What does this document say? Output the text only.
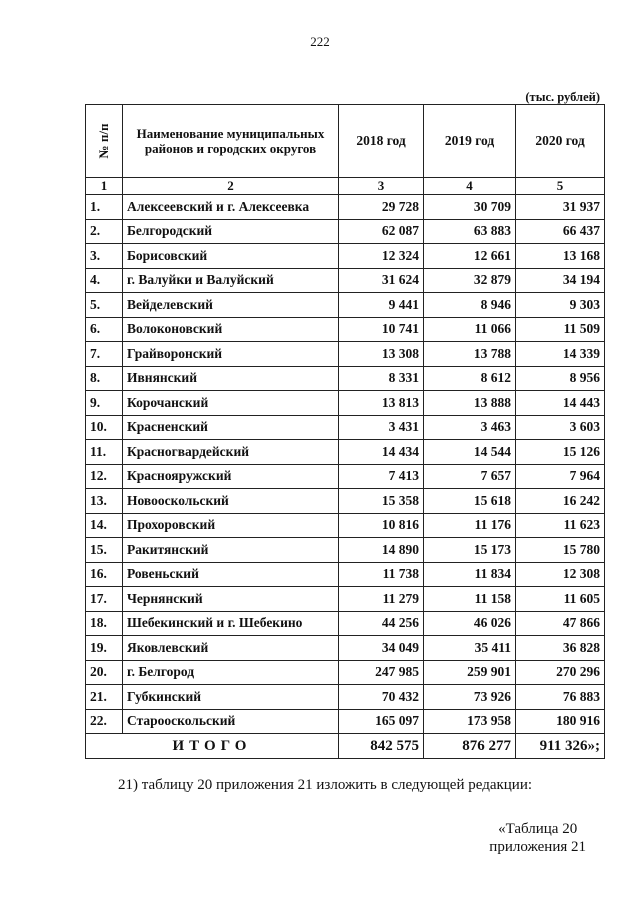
222
(тыс. рублей)
№ п/п	Наименование муниципальных районов и городских округов	2018 год	2019 год	2020 год
1	2	3	4	5
1.	Алексеевский и г. Алексеевка	29 728	30 709	31 937
2.	Белгородский	62 087	63 883	66 437
3.	Борисовский	12 324	12 661	13 168
4.	г. Валуйки и Валуйский	31 624	32 879	34 194
5.	Вейделевский	9 441	8 946	9 303
6.	Волоконовский	10 741	11 066	11 509
7.	Грайворонский	13 308	13 788	14 339
8.	Ивнянский	8 331	8 612	8 956
9.	Корочанский	13 813	13 888	14 443
10.	Красненский	3 431	3 463	3 603
11.	Красногвардейский	14 434	14 544	15 126
12.	Краснояружский	7 413	7 657	7 964
13.	Новооскольский	15 358	15 618	16 242
14.	Прохоровский	10 816	11 176	11 623
15.	Ракитянский	14 890	15 173	15 780
16.	Ровеньский	11 738	11 834	12 308
17.	Чернянский	11 279	11 158	11 605
18.	Шебекинский и г. Шебекино	44 256	46 026	47 866
19.	Яковлевский	34 049	35 411	36 828
20.	г. Белгород	247 985	259 901	270 296
21.	Губкинский	70 432	73 926	76 883
22.	Старооскольский	165 097	173 958	180 916
ИТОГО		842 575	876 277	911 326»;
21) таблицу 20 приложения 21 изложить в следующей редакции:
«Таблица 20
приложения 21
